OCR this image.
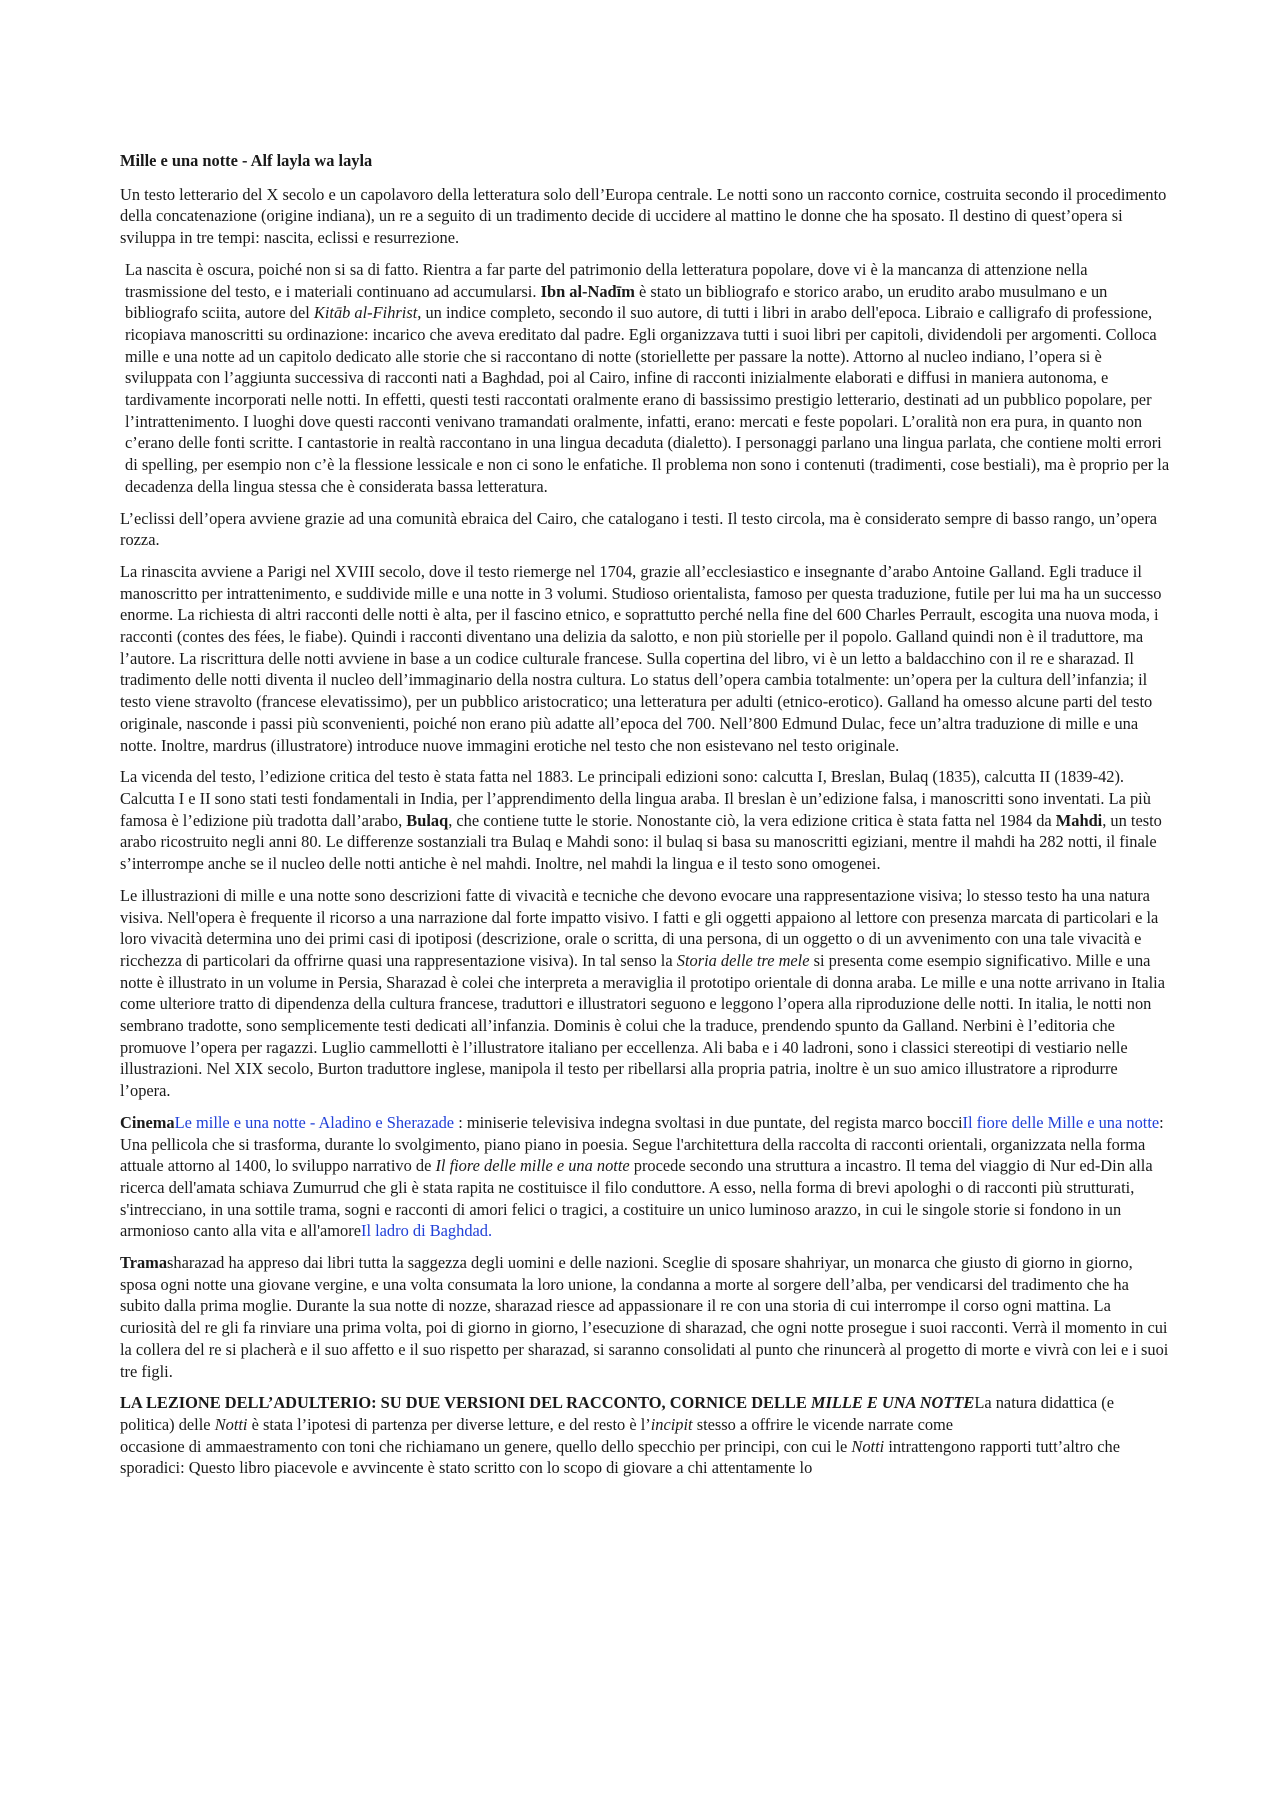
Mille e una notte - Alf layla wa layla
Un testo letterario del X secolo e un capolavoro della letteratura solo dell’Europa centrale. Le notti sono un racconto cornice, costruita secondo il procedimento della concatenazione (origine indiana), un re a seguito di un tradimento decide di uccidere al mattino le donne che ha sposato. Il destino di quest’opera si sviluppa in tre tempi: nascita, eclissi e resurrezione.
La nascita è oscura, poiché non si sa di fatto. Rientra a far parte del patrimonio della letteratura popolare, dove vi è la mancanza di attenzione nella trasmissione del testo, e i materiali continuano ad accumularsi. Ibn al-Nadīm è stato un bibliografo e storico arabo, un erudito arabo musulmano e un bibliografo sciita, autore del Kitāb al-Fihrist, un indice completo, secondo il suo autore, di tutti i libri in arabo dell'epoca. Libraio e calligrafo di professione, ricopiava manoscritti su ordinazione: incarico che aveva ereditato dal padre. Egli organizzava tutti i suoi libri per capitoli, dividendoli per argomenti. Colloca mille e una notte ad un capitolo dedicato alle storie che si raccontano di notte (storiellette per passare la notte). Attorno al nucleo indiano, l’opera si è sviluppata con l’aggiunta successiva di racconti nati a Baghdad, poi al Cairo, infine di racconti inizialmente elaborati e diffusi in maniera autonoma, e tardivamente incorporati nelle notti. In effetti, questi testi raccontati oralmente erano di bassissimo prestigio letterario, destinati ad un pubblico popolare, per l’intrattenimento. I luoghi dove questi racconti venivano tramandati oralmente, infatti, erano: mercati e feste popolari. L’oralità non era pura, in quanto non c’erano delle fonti scritte. I cantastorie in realtà raccontano in una lingua decaduta (dialetto). I personaggi parlano una lingua parlata, che contiene molti errori di spelling, per esempio non c’è la flessione lessicale e non ci sono le enfatiche. Il problema non sono i contenuti (tradimenti, cose bestiali), ma è proprio per la decadenza della lingua stessa che è considerata bassa letteratura.
L’eclissi dell’opera avviene grazie ad una comunità ebraica del Cairo, che catalogano i testi. Il testo circola, ma è considerato sempre di basso rango, un’opera rozza.
La rinascita avviene a Parigi nel XVIII secolo, dove il testo riemerge nel 1704, grazie all’ecclesiastico e insegnante d’arabo Antoine Galland. Egli traduce il manoscritto per intrattenimento, e suddivide mille e una notte in 3 volumi. Studioso orientalista, famoso per questa traduzione, futile per lui ma ha un successo enorme. La richiesta di altri racconti delle notti è alta, per il fascino etnico, e soprattutto perché nella fine del 600 Charles Perrault, escogita una nuova moda, i racconti (contes des fées, le fiabe). Quindi i racconti diventano una delizia da salotto, e non più storielle per il popolo. Galland quindi non è il traduttore, ma l’autore. La riscrittura delle notti avviene in base a un codice culturale francese. Sulla copertina del libro, vi è un letto a baldacchino con il re e sharazad. Il tradimento delle notti diventa il nucleo dell’immaginario della nostra cultura. Lo status dell’opera cambia totalmente: un’opera per la cultura dell’infanzia; il testo viene stravolto (francese elevatissimo), per un pubblico aristocratico; una letteratura per adulti (etnico-erotico). Galland ha omesso alcune parti del testo originale, nasconde i passi più sconvenienti, poiché non erano più adatte all’epoca del 700. Nell’800 Edmund Dulac, fece un’altra traduzione di mille e una notte. Inoltre, mardrus (illustratore) introduce nuove immagini erotiche nel testo che non esistevano nel testo originale.
La vicenda del testo, l’edizione critica del testo è stata fatta nel 1883. Le principali edizioni sono: calcutta I, Breslan, Bulaq (1835), calcutta II (1839-42). Calcutta I e II sono stati testi fondamentali in India, per l’apprendimento della lingua araba. Il breslan è un’edizione falsa, i manoscritti sono inventati. La più famosa è l’edizione più tradotta dall’arabo, Bulaq, che contiene tutte le storie. Nonostante ciò, la vera edizione critica è stata fatta nel 1984 da Mahdi, un testo arabo ricostruito negli anni 80. Le differenze sostanziali tra Bulaq e Mahdi sono: il bulaq si basa su manoscritti egiziani, mentre il mahdi ha 282 notti, il finale s’interrompe anche se il nucleo delle notti antiche è nel mahdi. Inoltre, nel mahdi la lingua e il testo sono omogenei.
Le illustrazioni di mille e una notte sono descrizioni fatte di vivacità e tecniche che devono evocare una rappresentazione visiva; lo stesso testo ha una natura visiva. Nell'opera è frequente il ricorso a una narrazione dal forte impatto visivo. I fatti e gli oggetti appaiono al lettore con presenza marcata di particolari e la loro vivacità determina uno dei primi casi di ipotiposi (descrizione, orale o scritta, di una persona, di un oggetto o di un avvenimento con una tale vivacità e ricchezza di particolari da offrirne quasi una rappresentazione visiva). In tal senso la Storia delle tre mele si presenta come esempio significativo. Mille e una notte è illustrato in un volume in Persia, Sharazad è colei che interpreta a meraviglia il prototipo orientale di donna araba. Le mille e una notte arrivano in Italia come ulteriore tratto di dipendenza della cultura francese, traduttori e illustratori seguono e leggono l’opera alla riproduzione delle notti. In italia, le notti non sembrano tradotte, sono semplicemente testi dedicati all’infanzia. Dominis è colui che la traduce, prendendo spunto da Galland. Nerbini è l’editoria che promuove l’opera per ragazzi. Luglio cammellotti è l’illustratore italiano per eccellenza. Ali baba e i 40 ladroni, sono i classici stereotipi di vestiario nelle illustrazioni. Nel XIX secolo, Burton traduttore inglese, manipola il testo per ribellarsi alla propria patria, inoltre è un suo amico illustratore a riprodurre l’opera.
CinemaLe mille e una notte - Aladino e Sherazade : miniserie televisiva indegna svoltasi in due puntate, del regista marco bocciIl fiore delle Mille e una notte: Una pellicola che si trasforma, durante lo svolgimento, piano piano in poesia. Segue l'architettura della raccolta di racconti orientali, organizzata nella forma attuale attorno al 1400, lo sviluppo narrativo de Il fiore delle mille e una notte procede secondo una struttura a incastro. Il tema del viaggio di Nur ed-Din alla ricerca dell'amata schiava Zumurrud che gli è stata rapita ne costituisce il filo conduttore. A esso, nella forma di brevi apologhi o di racconti più strutturati, s'intrecciano, in una sottile trama, sogni e racconti di amori felici o tragici, a costituire un unico luminoso arazzo, in cui le singole storie si fondono in un armonioso canto alla vita e all'amoreIl ladro di Baghdad.
Tramasharazad ha appreso dai libri tutta la saggezza degli uomini e delle nazioni. Sceglie di sposare shahriyar, un monarca che giusto di giorno in giorno, sposa ogni notte una giovane vergine, e una volta consumata la loro unione, la condanna a morte al sorgere dell’alba, per vendicarsi del tradimento che ha subito dalla prima moglie. Durante la sua notte di nozze, sharazad riesce ad appassionare il re con una storia di cui interrompe il corso ogni mattina. La curiosità del re gli fa rinviare una prima volta, poi di giorno in giorno, l’esecuzione di sharazad, che ogni notte prosegue i suoi racconti. Verrà il momento in cui la collera del re si placherà e il suo affetto e il suo rispetto per sharazad, si saranno consolidati al punto che rinuncerà al progetto di morte e vivrà con lei e i suoi tre figli.
LA LEZIONE DELL’ADULTERIO: SU DUE VERSIONI DEL RACCONTO, CORNICE DELLE MILLE E UNA NOTTELa natura didattica (e politica) delle Notti è stata l’ipotesi di partenza per diverse letture, e del resto è l’incipit stesso a offrire le vicende narrate come
occasione di ammaestramento con toni che richiamano un genere, quello dello specchio per principi, con cui le Notti intrattengono rapporti tutt’altro che sporadici: Questo libro piacevole e avvincente è stato scritto con lo scopo di giovare a chi attentamente lo
